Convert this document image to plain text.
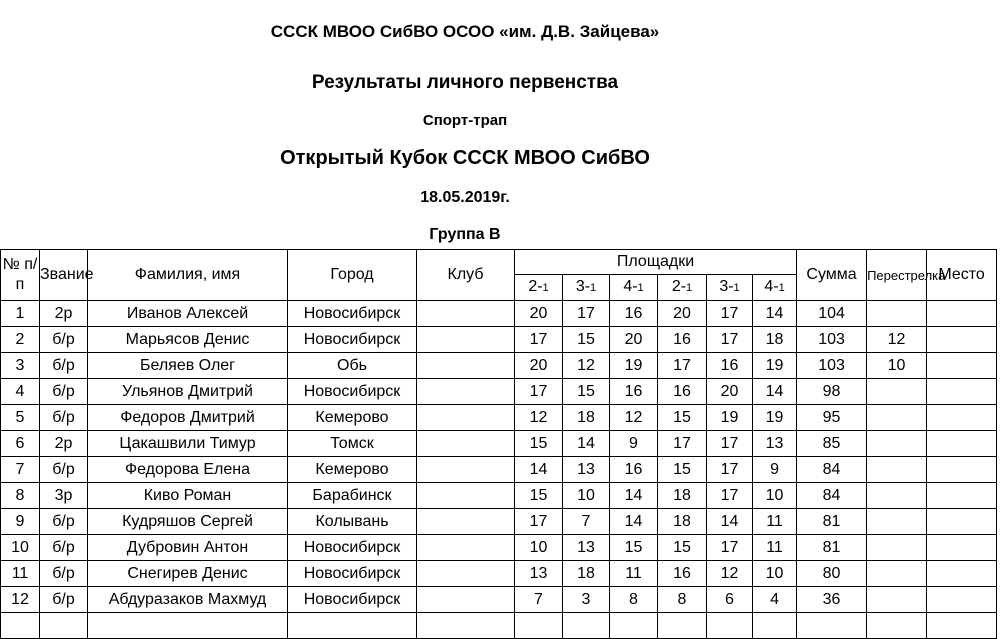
СССК МВОО СибВО ОСОО «им. Д.В. Зайцева»
Результаты личного первенства
Спорт-трап
Открытый Кубок СССК МВОО СибВО
18.05.2019г.
Группа В
№ п/п	Звание	Фамилия, имя	Город	Клуб	Площадки						Сумма	Перестрелка	Место
					2-1	3-1	4-1	2-1	3-1	4-1			
1	2р	Иванов Алексей	Новосибирск		20	17	16	20	17	14	104		
2	б/р	Марьясов Денис	Новосибирск		17	15	20	16	17	18	103	12	
3	б/р	Беляев Олег	Обь		20	12	19	17	16	19	103	10	
4	б/р	Ульянов Дмитрий	Новосибирск		17	15	16	16	20	14	98		
5	б/р	Федоров Дмитрий	Кемерово		12	18	12	15	19	19	95		
6	2р	Цакашвили Тимур	Томск		15	14	9	17	17	13	85		
7	б/р	Федорова Елена	Кемерово		14	13	16	15	17	9	84		
8	3р	Киво Роман	Барабинск		15	10	14	18	17	10	84		
9	б/р	Кудряшов Сергей	Колывань		17	7	14	18	14	11	81		
10	б/р	Дубровин Антон	Новосибирск		10	13	15	15	17	11	81		
11	б/р	Снегирев Денис	Новосибирск		13	18	11	16	12	10	80		
12	б/р	Абдуразаков Махмуд	Новосибирск		7	3	8	8	6	4	36		
